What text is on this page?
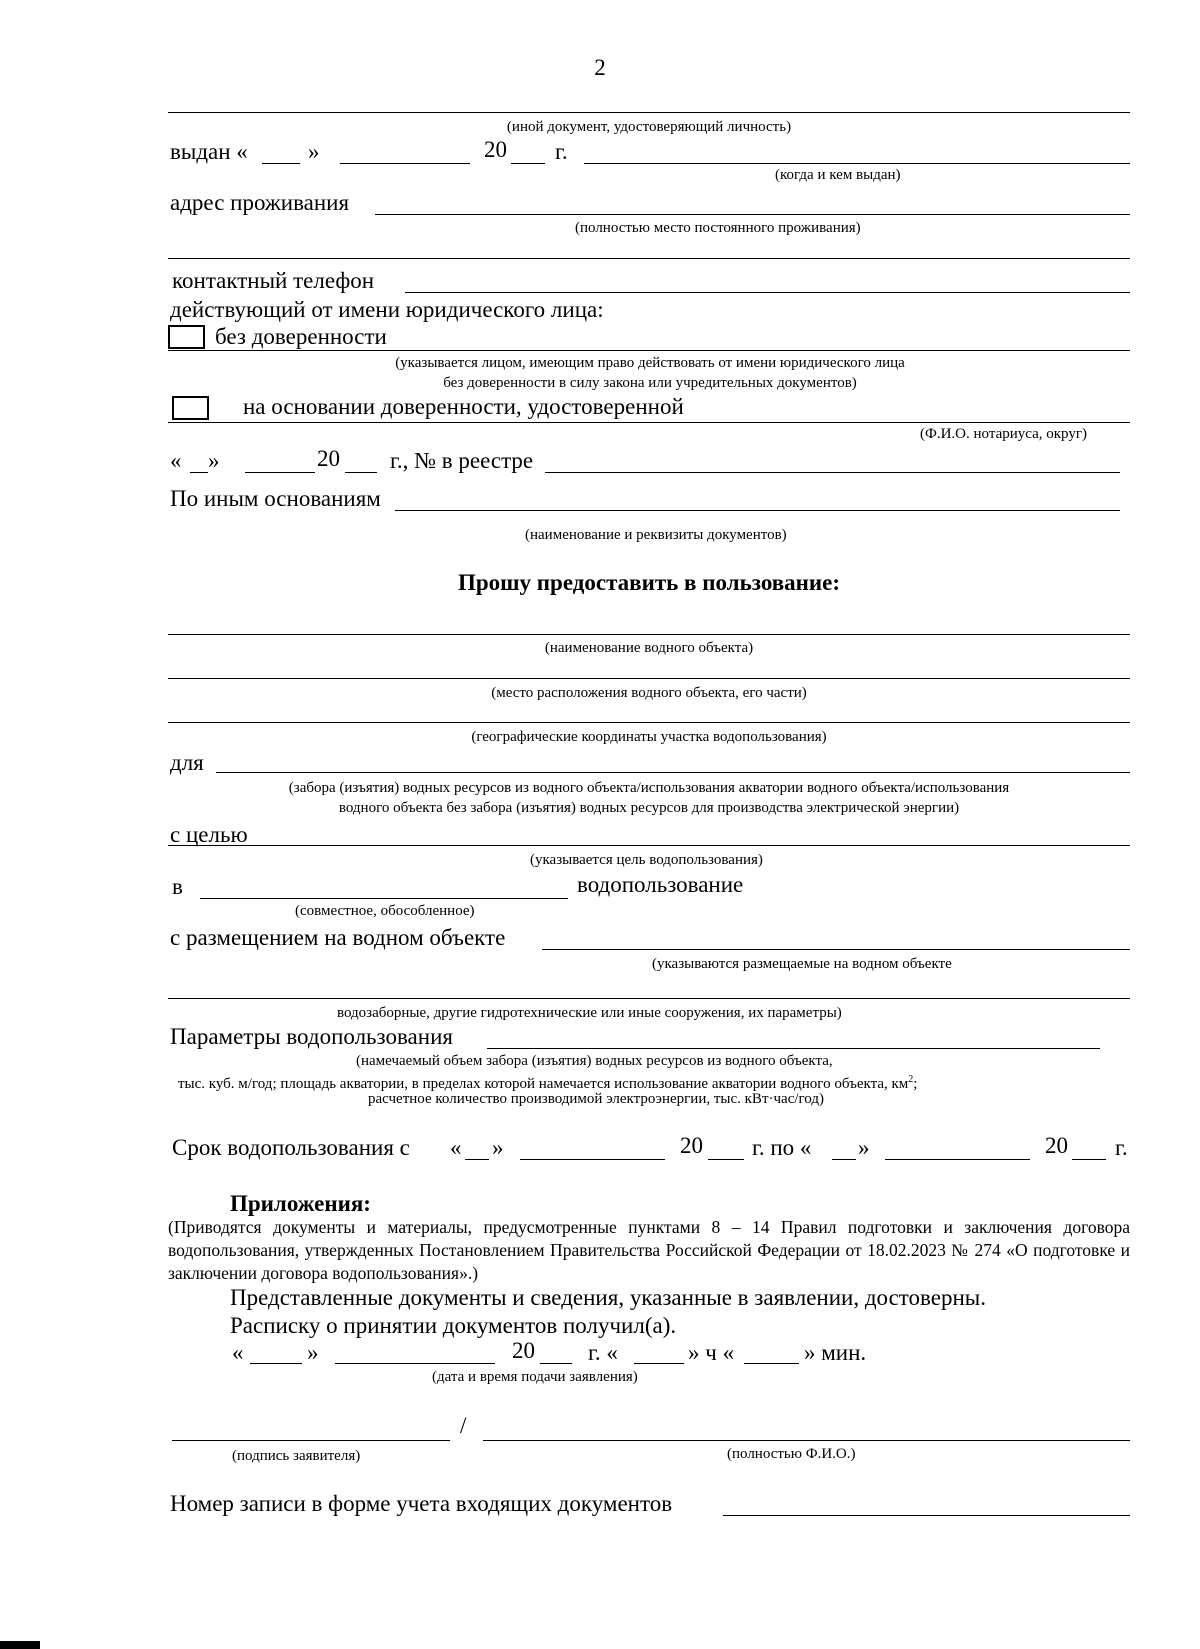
2
(иной документ, удостоверяющий личность)
выдан «	»	20 г.
(когда и кем выдан)
адрес проживания
(полностью место постоянного проживания)
контактный телефон
действующий от имени юридического лица:
без доверенности
(указывается лицом, имеющим право действовать от имени юридического лица
без доверенности в силу закона или учредительных документов)
на основании доверенности, удостоверенной
(Ф.И.О. нотариуса, округ)
« »	20 г., № в реестре
По иным основаниям
(наименование и реквизиты документов)
Прошу предоставить в пользование:
(наименование водного объекта)
(место расположения водного объекта, его части)
(географические координаты участка водопользования)
для
(забора (изъятия) водных ресурсов из водного объекта/использования акватории водного объекта/использования
водного объекта без забора (изъятия) водных ресурсов для производства электрической энергии)
с целью
(указывается цель водопользования)
в	водопользование
(совместное, обособленное)
с размещением на водном объекте
(указываются размещаемые на водном объекте
водозаборные, другие гидротехнические или иные сооружения, их параметры)
Параметры водопользования
(намечаемый объем забора (изъятия) водных ресурсов из водного объекта,
тыс. куб. м/год; площадь акватории, в пределах которой намечается использование акватории водного объекта, $км^2$;
расчетное количество производимой электроэнергии, тыс. кВт·час/год)
Срок водопользования с « »	20 г. по « »	20 г.
Приложения:
(Приводятся документы и материалы, предусмотренные пунктами 8 – 14 Правил подготовки и заключения договора водопользования, утвержденных Постановлением Правительства Российской Федерации от 18.02.2023 № 274 «О подготовке и заключении договора водопользования».)
Представленные документы и сведения, указанные в заявлении, достоверны.
Расписку о принятии документов получил(а).
«	»	20 г. «	» ч «	» мин.
(дата и время подачи заявления)
/
(подпись заявителя)	(полностью Ф.И.О.)
Номер записи в форме учета входящих документов
